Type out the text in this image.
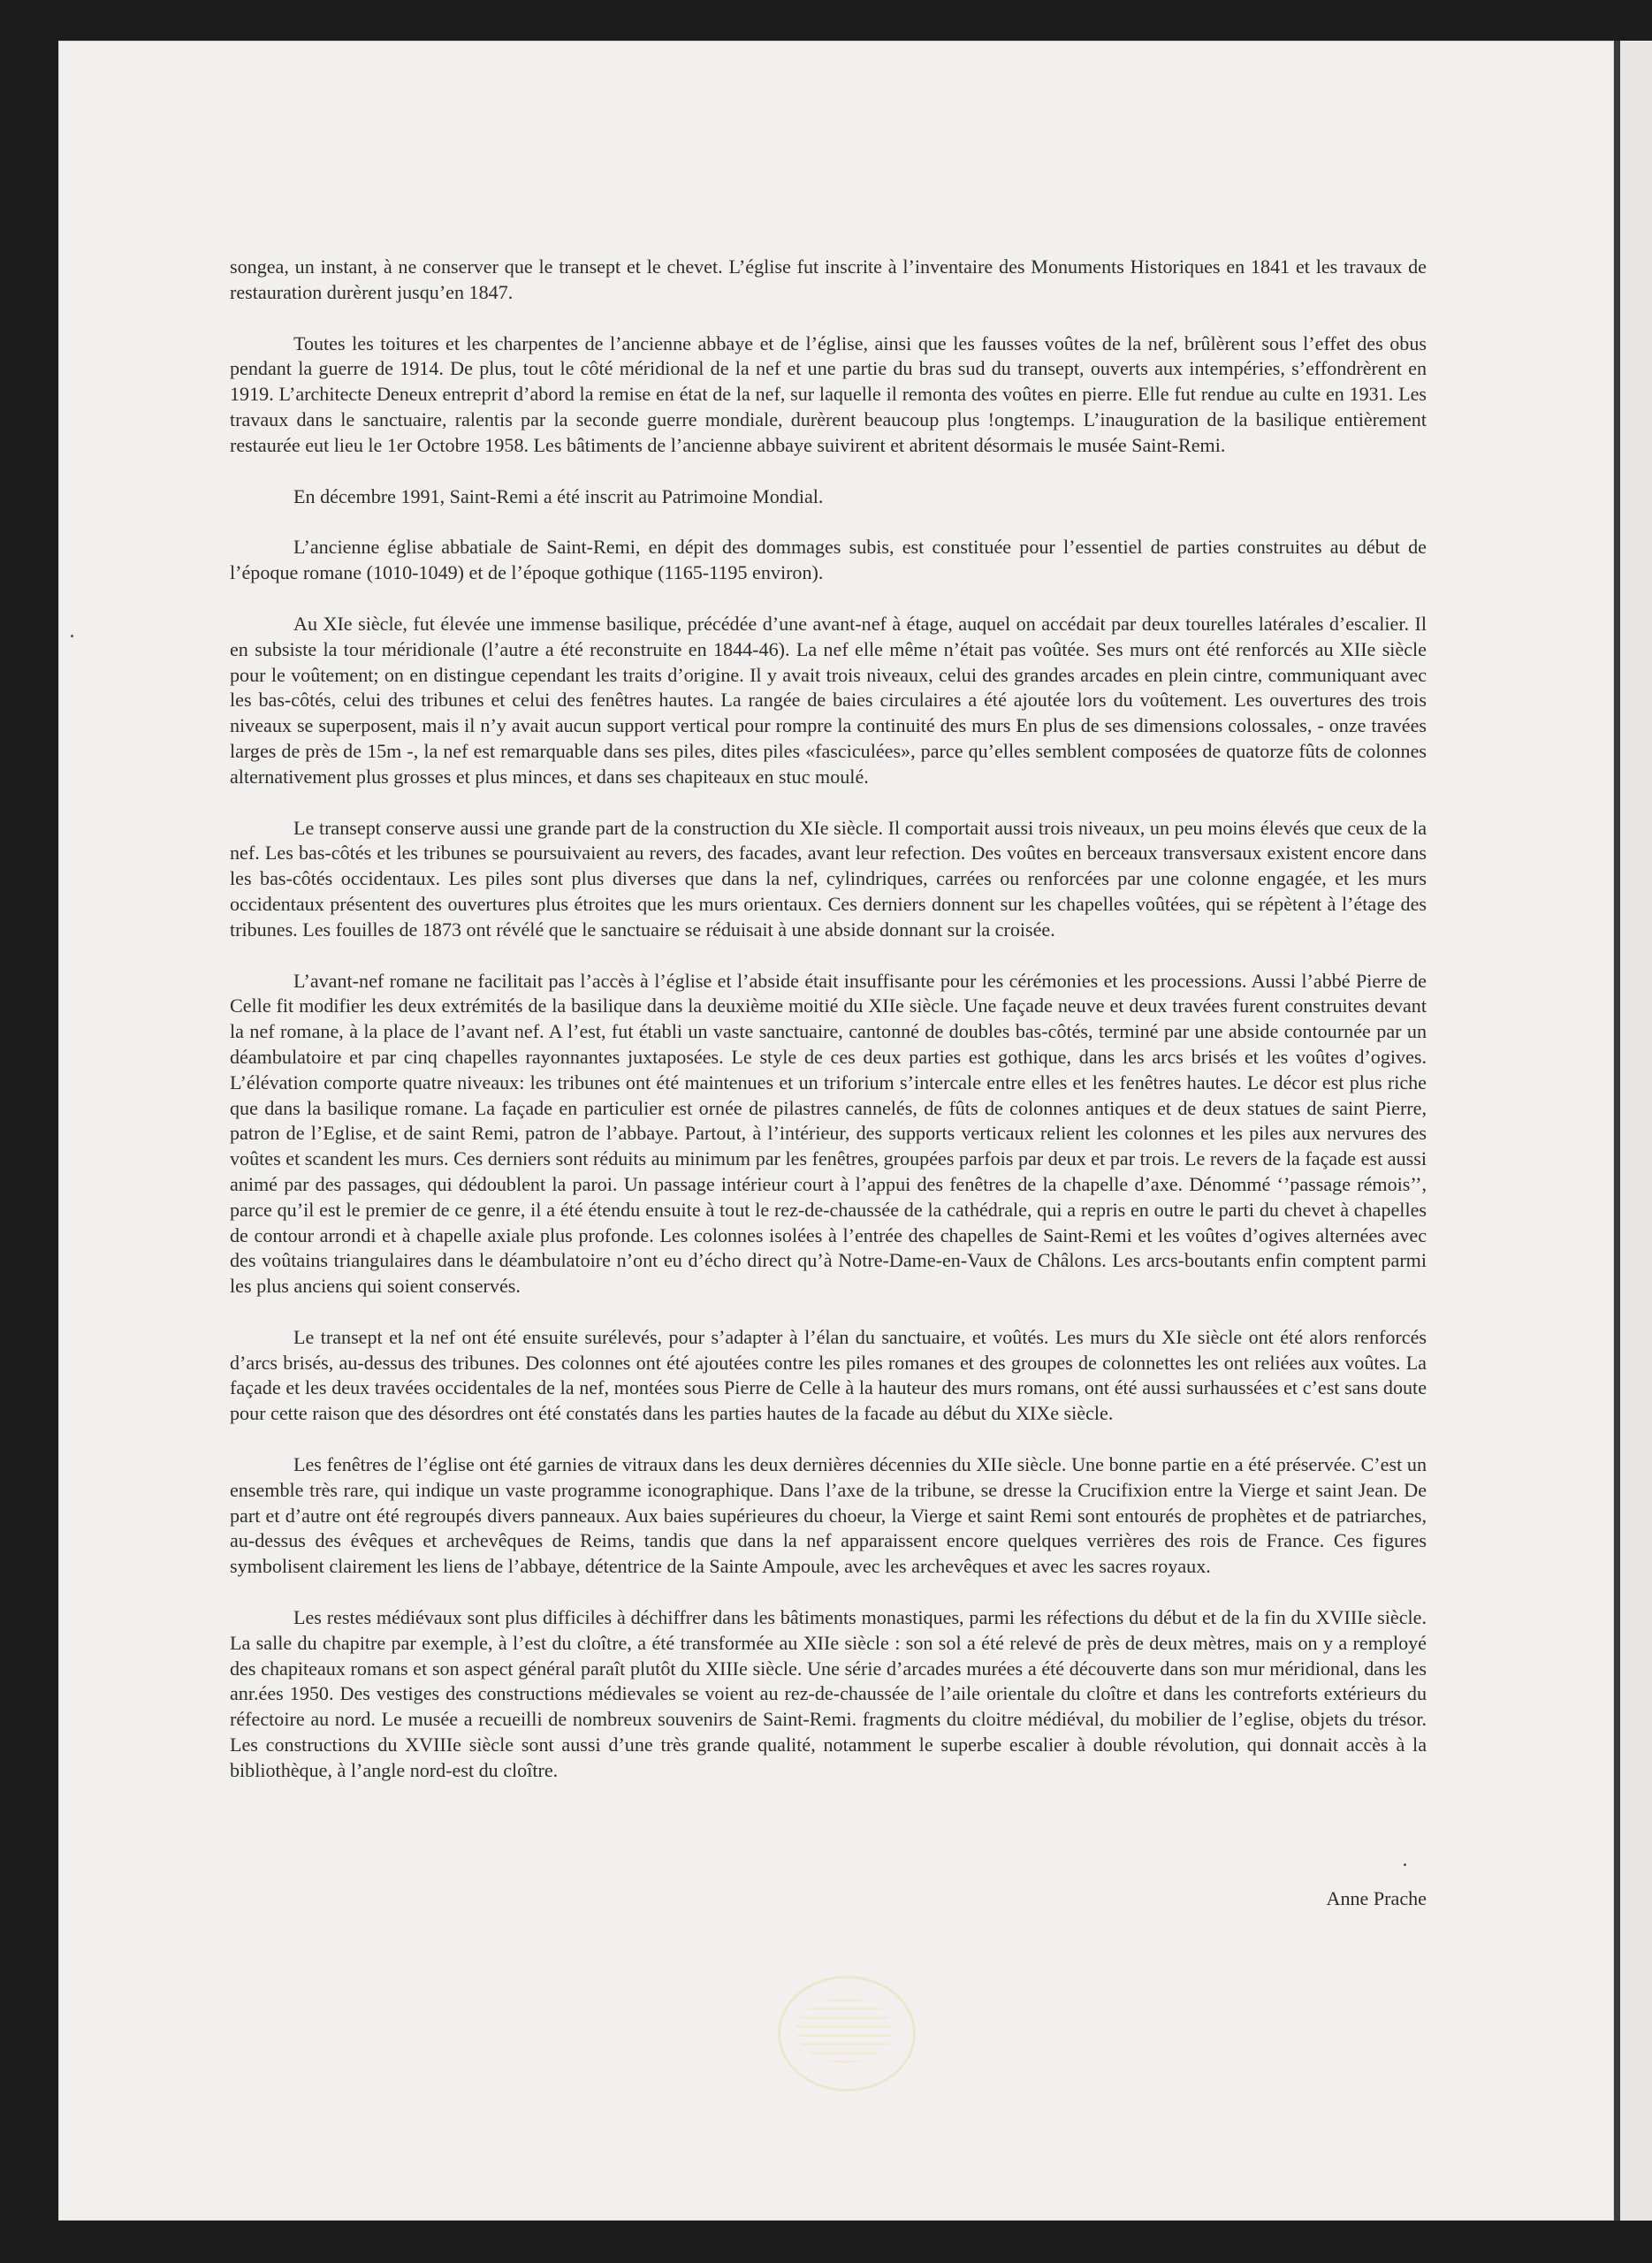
songea, un instant, à ne conserver que le transept et le chevet. L’église fut inscrite à l’inventaire des Monuments Historiques en 1841 et les travaux de restauration durèrent jusqu’en 1847.

Toutes les toitures et les charpentes de l’ancienne abbaye et de l’église, ainsi que les fausses voûtes de la nef, brûlèrent sous l’effet des obus pendant la guerre de 1914. De plus, tout le côté méridional de la nef et une partie du bras sud du transept, ouverts aux intempéries, s’effondrèrent en 1919. L’architecte Deneux entreprit d’abord la remise en état de la nef, sur laquelle il remonta des voûtes en pierre. Elle fut rendue au culte en 1931. Les travaux dans le sanctuaire, ralentis par la seconde guerre mondiale, durèrent beaucoup plus !ongtemps. L’inauguration de la basilique entièrement restaurée eut lieu le 1er Octobre 1958. Les bâtiments de l’ancienne abbaye suivirent et abritent désormais le musée Saint-Remi.

En décembre 1991, Saint-Remi a été inscrit au Patrimoine Mondial.

L’ancienne église abbatiale de Saint-Remi, en dépit des dommages subis, est constituée pour l’essentiel de parties construites au début de l’époque romane (1010-1049) et de l’époque gothique (1165-1195 environ).

Au XIe siècle, fut élevée une immense basilique, précédée d’une avant-nef à étage, auquel on accédait par deux tourelles latérales d’escalier. Il en subsiste la tour méridionale (l’autre a été reconstruite en 1844-46). La nef elle même n’était pas voûtée. Ses murs ont été renforcés au XIIe siècle pour le voûtement; on en distingue cependant les traits d’origine. Il y avait trois niveaux, celui des grandes arcades en plein cintre, communiquant avec les bas-côtés, celui des tribunes et celui des fenêtres hautes. La rangée de baies circulaires a été ajoutée lors du voûtement. Les ouvertures des trois niveaux se superposent, mais il n’y avait aucun support vertical pour rompre la continuité des murs En plus de ses dimensions colossales, - onze travées larges de près de 15m -, la nef est remarquable dans ses piles, dites piles «fasciculées», parce qu’elles semblent composées de quatorze fûts de colonnes alternativement plus grosses et plus minces, et dans ses chapiteaux en stuc moulé.

Le transept conserve aussi une grande part de la construction du XIe siècle. Il comportait aussi trois niveaux, un peu moins élevés que ceux de la nef. Les bas-côtés et les tribunes se poursuivaient au revers, des facades, avant leur refection. Des voûtes en berceaux transversaux existent encore dans les bas-côtés occidentaux. Les piles sont plus diverses que dans la nef, cylindriques, carrées ou renforcées par une colonne engagée, et les murs occidentaux présentent des ouvertures plus étroites que les murs orientaux. Ces derniers donnent sur les chapelles voûtées, qui se répètent à l’étage des tribunes. Les fouilles de 1873 ont révélé que le sanctuaire se réduisait à une abside donnant sur la croisée.

L’avant-nef romane ne facilitait pas l’accès à l’église et l’abside était insuffisante pour les cérémonies et les processions. Aussi l’abbé Pierre de Celle fit modifier les deux extrémités de la basilique dans la deuxième moitié du XIIe siècle. Une façade neuve et deux travées furent construites devant la nef romane, à la place de l’avant nef. A l’est, fut établi un vaste sanctuaire, cantonné de doubles bas-côtés, terminé par une abside contournée par un déambulatoire et par cinq chapelles rayonnantes juxtaposées. Le style de ces deux parties est gothique, dans les arcs brisés et les voûtes d’ogives. L’élévation comporte quatre niveaux: les tribunes ont été maintenues et un triforium s’intercale entre elles et les fenêtres hautes. Le décor est plus riche que dans la basilique romane. La façade en particulier est ornée de pilastres cannelés, de fûts de colonnes antiques et de deux statues de saint Pierre, patron de l’Eglise, et de saint Remi, patron de l’abbaye. Partout, à l’intérieur, des supports verticaux relient les colonnes et les piles aux nervures des voûtes et scandent les murs. Ces derniers sont réduits au minimum par les fenêtres, groupées parfois par deux et par trois. Le revers de la façade est aussi animé par des passages, qui dédoublent la paroi. Un passage intérieur court à l’appui des fenêtres de la chapelle d’axe. Dénommé ‘’passage rémois’’, parce qu’il est le premier de ce genre, il a été étendu ensuite à tout le rez-de-chaussée de la cathédrale, qui a repris en outre le parti du chevet à chapelles de contour arrondi et à chapelle axiale plus profonde. Les colonnes isolées à l’entrée des chapelles de Saint-Remi et les voûtes d’ogives alternées avec des voûtains triangulaires dans le déambulatoire n’ont eu d’écho direct qu’à Notre-Dame-en-Vaux de Châlons. Les arcs-boutants enfin comptent parmi les plus anciens qui soient conservés.

Le transept et la nef ont été ensuite surélevés, pour s’adapter à l’élan du sanctuaire, et voûtés. Les murs du XIe siècle ont été alors renforcés d’arcs brisés, au-dessus des tribunes. Des colonnes ont été ajoutées contre les piles romanes et des groupes de colonnettes les ont reliées aux voûtes. La façade et les deux travées occidentales de la nef, montées sous Pierre de Celle à la hauteur des murs romans, ont été aussi surhaussées et c’est sans doute pour cette raison que des désordres ont été constatés dans les parties hautes de la facade au début du XIXe siècle.

Les fenêtres de l’église ont été garnies de vitraux dans les deux dernières décennies du XIIe siècle. Une bonne partie en a été préservée. C’est un ensemble très rare, qui indique un vaste programme iconographique. Dans l’axe de la tribune, se dresse la Crucifixion entre la Vierge et saint Jean. De part et d’autre ont été regroupés divers panneaux. Aux baies supérieures du choeur, la Vierge et saint Remi sont entourés de prophètes et de patriarches, au-dessus des évêques et archevêques de Reims, tandis que dans la nef apparaissent encore quelques verrières des rois de France. Ces figures symbolisent clairement les liens de l’abbaye, détentrice de la Sainte Ampoule, avec les archevêques et avec les sacres royaux.

Les restes médiévaux sont plus difficiles à déchiffrer dans les bâtiments monastiques, parmi les réfections du début et de la fin du XVIIIe siècle. La salle du chapitre par exemple, à l’est du cloître, a été transformée au XIIe siècle : son sol a été relevé de près de deux mètres, mais on y a remployé des chapiteaux romans et son aspect général paraît plutôt du XIIIe siècle. Une série d’arcades murées a été découverte dans son mur méridional, dans les anr.ées 1950. Des vestiges des constructions médievales se voient au rez-de-chaussée de l’aile orientale du cloître et dans les contreforts extérieurs du réfectoire au nord. Le musée a recueilli de nombreux souvenirs de Saint-Remi. fragments du cloitre médiéval, du mobilier de l’eglise, objets du trésor. Les constructions du XVIIIe siècle sont aussi d’une très grande qualité, notamment le superbe escalier à double révolution, qui donnait accès à la bibliothèque, à l’angle nord-est du cloître.

Anne Prache
